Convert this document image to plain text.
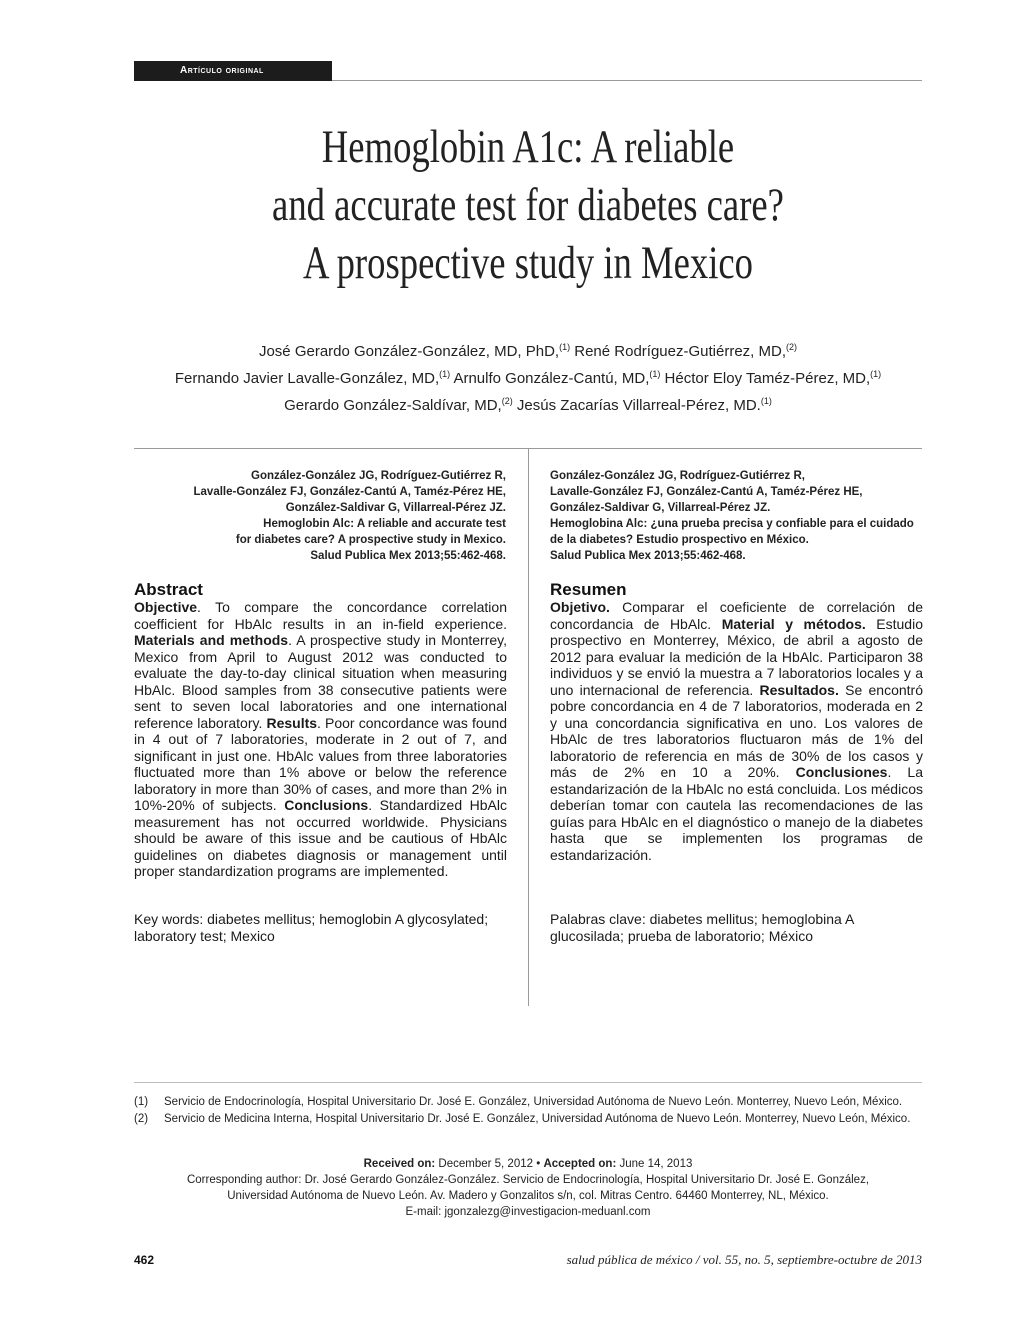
Artículo original
Hemoglobin A1c: A reliable
and accurate test for diabetes care?
A prospective study in Mexico
José Gerardo González-González, MD, PhD,$^{(1)}$ René Rodríguez-Gutiérrez, MD,$^{(2)}$
Fernando Javier Lavalle-González, MD,$^{(1)}$ Arnulfo González-Cantú, MD,$^{(1)}$ Héctor Eloy Taméz-Pérez, MD,$^{(1)}$
Gerardo González-Saldívar, MD,$^{(2)}$ Jesús Zacarías Villarreal-Pérez, MD.$^{(1)}$
González-González JG, Rodríguez-Gutiérrez R,
Lavalle-González FJ, González-Cantú A, Taméz-Pérez HE,
González-Saldivar G, Villarreal-Pérez JZ.
Hemoglobin Alc: A reliable and accurate test
for diabetes care? A prospective study in Mexico.
Salud Publica Mex 2013;55:462-468.
González-González JG, Rodríguez-Gutiérrez R,
Lavalle-González FJ, González-Cantú A, Taméz-Pérez HE,
González-Saldivar G, Villarreal-Pérez JZ.
Hemoglobina Alc: ¿una prueba precisa y confiable para el cuidado
de la diabetes? Estudio prospectivo en México.
Salud Publica Mex 2013;55:462-468.
Abstract
Objective. To compare the concordance correlation coefficient for HbAlc results in an in-field experience. Materials and methods. A prospective study in Monterrey, Mexico from April to August 2012 was conducted to evaluate the day-to-day clinical situation when measuring HbAlc. Blood samples from 38 consecutive patients were sent to seven local laboratories and one international reference laboratory. Results. Poor concordance was found in 4 out of 7 laboratories, moderate in 2 out of 7, and significant in just one. HbAlc values from three laboratories fluctuated more than 1% above or below the reference laboratory in more than 30% of cases, and more than 2% in 10%-20% of subjects. Conclusions. Standardized HbAlc measurement has not occurred worldwide. Physicians should be aware of this issue and be cautious of HbAlc guidelines on diabetes diagnosis or management until proper standardization programs are implemented.
Key words: diabetes mellitus; hemoglobin A glycosylated; laboratory test; Mexico
Resumen
Objetivo. Comparar el coeficiente de correlación de concordancia de HbAlc. Material y métodos. Estudio prospectivo en Monterrey, México, de abril a agosto de 2012 para evaluar la medición de la HbAlc. Participaron 38 individuos y se envió la muestra a 7 laboratorios locales y a uno internacional de referencia. Resultados. Se encontró pobre concordancia en 4 de 7 laboratorios, moderada en 2 y una concordancia significativa en uno. Los valores de HbAlc de tres laboratorios fluctuaron más de 1% del laboratorio de referencia en más de 30% de los casos y más de 2% en 10 a 20%. Conclusiones. La estandarización de la HbAlc no está concluida. Los médicos deberían tomar con cautela las recomendaciones de las guías para HbAlc en el diagnóstico o manejo de la diabetes hasta que se implementen los programas de estandarización.
Palabras clave: diabetes mellitus; hemoglobina A glucosilada; prueba de laboratorio; México
(1) Servicio de Endocrinología, Hospital Universitario Dr. José E. González, Universidad Autónoma de Nuevo León. Monterrey, Nuevo León, México.
(2) Servicio de Medicina Interna, Hospital Universitario Dr. José E. González, Universidad Autónoma de Nuevo León. Monterrey, Nuevo León, México.
Received on: December 5, 2012 • Accepted on: June 14, 2013
Corresponding author: Dr. José Gerardo González-González. Servicio de Endocrinología, Hospital Universitario Dr. José E. González,
Universidad Autónoma de Nuevo León. Av. Madero y Gonzalitos s/n, col. Mitras Centro. 64460 Monterrey, NL, México.
E-mail: jgonzalezg@investigacion-meduanl.com
462	salud pública de méxico / vol. 55, no. 5, septiembre-octubre de 2013
